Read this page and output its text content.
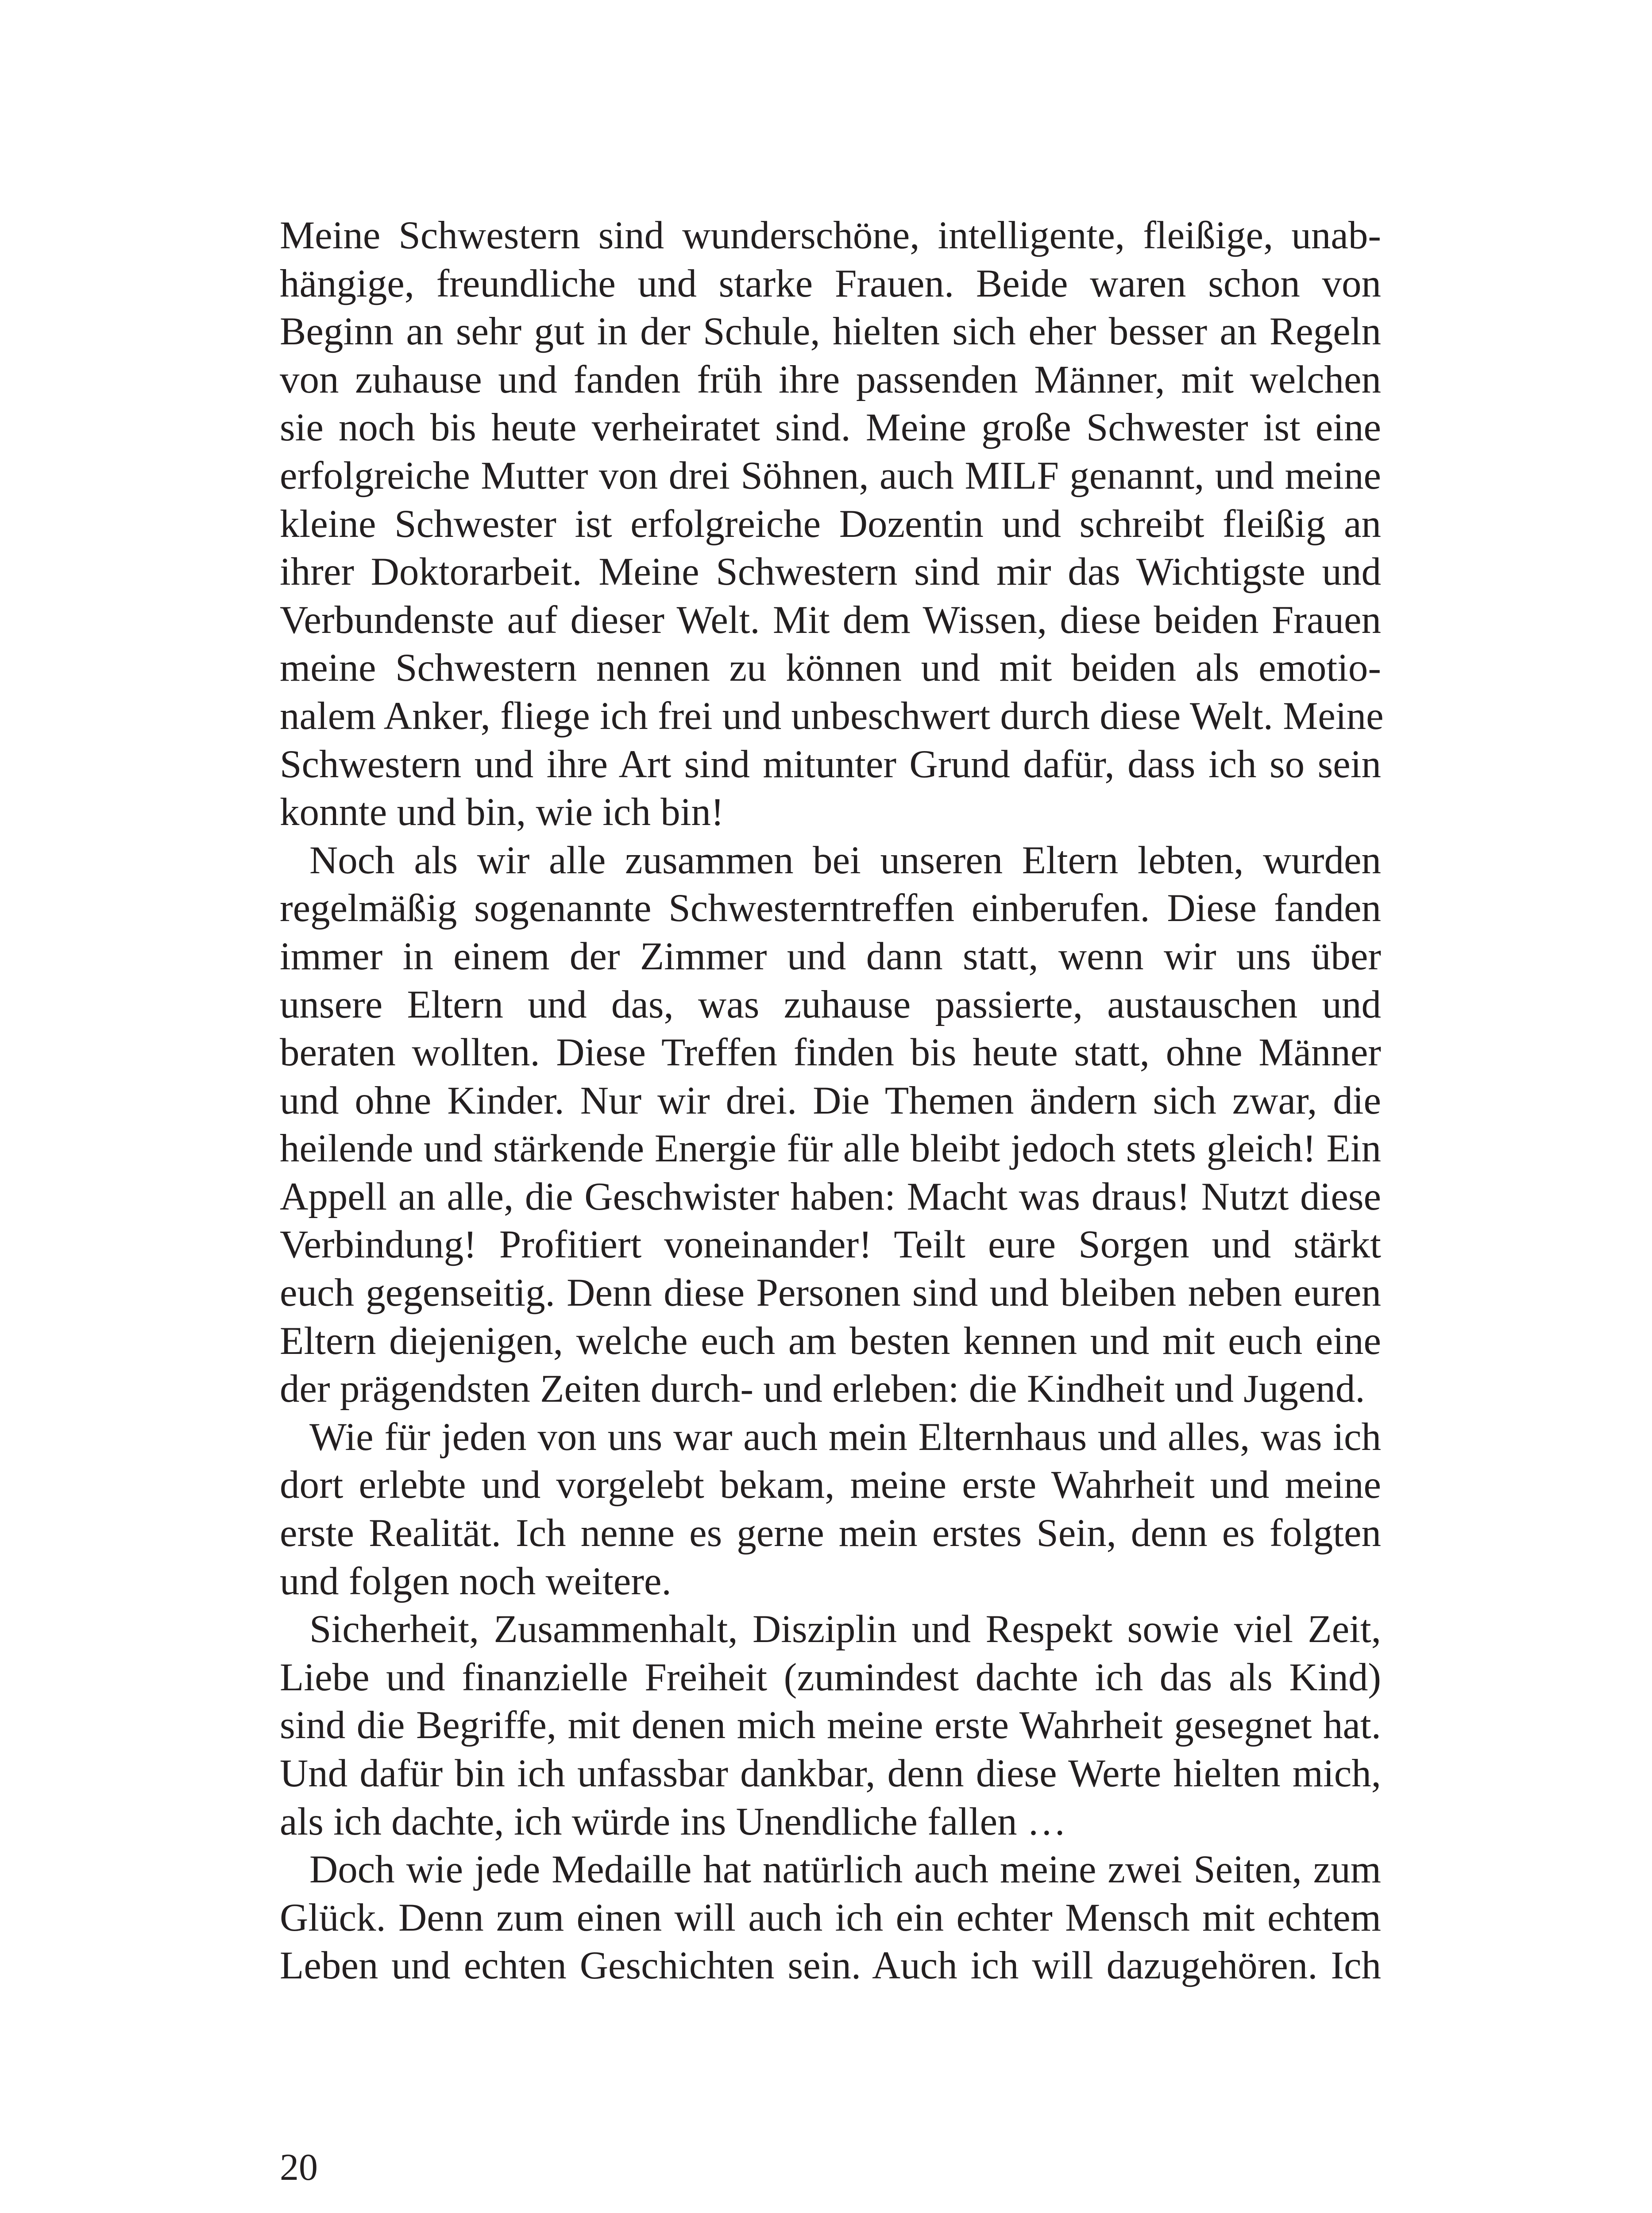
Meine Schwestern sind wunderschöne, intelligente, fleißige, unab-
hängige, freundliche und starke Frauen. Beide waren schon von
Beginn an sehr gut in der Schule, hielten sich eher besser an Regeln
von zuhause und fanden früh ihre passenden Männer, mit welchen
sie noch bis heute verheiratet sind. Meine große Schwester ist eine
erfolgreiche Mutter von drei Söhnen, auch MILF genannt, und meine
kleine Schwester ist erfolgreiche Dozentin und schreibt fleißig an
ihrer Doktorarbeit. Meine Schwestern sind mir das Wichtigste und
Verbundenste auf dieser Welt. Mit dem Wissen, diese beiden Frauen
meine Schwestern nennen zu können und mit beiden als emotio-
nalem Anker, fliege ich frei und unbeschwert durch diese Welt. Meine
Schwestern und ihre Art sind mitunter Grund dafür, dass ich so sein
konnte und bin, wie ich bin!
Noch als wir alle zusammen bei unseren Eltern lebten, wurden
regelmäßig sogenannte Schwesterntreffen einberufen. Diese fanden
immer in einem der Zimmer und dann statt, wenn wir uns über
unsere Eltern und das, was zuhause passierte, austauschen und
beraten wollten. Diese Treffen finden bis heute statt, ohne Männer
und ohne Kinder. Nur wir drei. Die Themen ändern sich zwar, die
heilende und stärkende Energie für alle bleibt jedoch stets gleich! Ein
Appell an alle, die Geschwister haben: Macht was draus! Nutzt diese
Verbindung! Profitiert voneinander! Teilt eure Sorgen und stärkt
euch gegenseitig. Denn diese Personen sind und bleiben neben euren
Eltern diejenigen, welche euch am besten kennen und mit euch eine
der prägendsten Zeiten durch- und erleben: die Kindheit und Jugend.
Wie für jeden von uns war auch mein Elternhaus und alles, was ich
dort erlebte und vorgelebt bekam, meine erste Wahrheit und meine
erste Realität. Ich nenne es gerne mein erstes Sein, denn es folgten
und folgen noch weitere.
Sicherheit, Zusammenhalt, Disziplin und Respekt sowie viel Zeit,
Liebe und finanzielle Freiheit (zumindest dachte ich das als Kind)
sind die Begriffe, mit denen mich meine erste Wahrheit gesegnet hat.
Und dafür bin ich unfassbar dankbar, denn diese Werte hielten mich,
als ich dachte, ich würde ins Unendliche fallen …
Doch wie jede Medaille hat natürlich auch meine zwei Seiten, zum
Glück. Denn zum einen will auch ich ein echter Mensch mit echtem
Leben und echten Geschichten sein. Auch ich will dazugehören. Ich
20
